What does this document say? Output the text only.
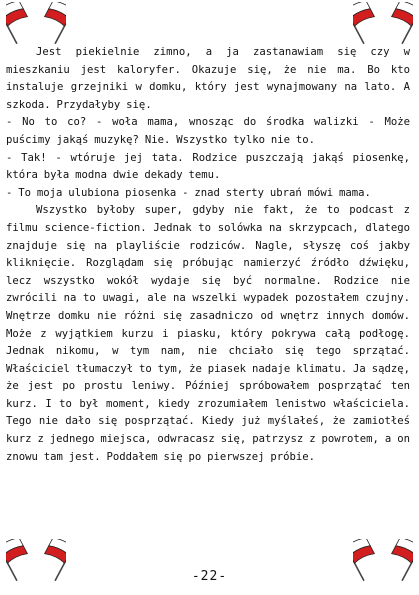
Jest piekielnie zimno, a ja zastanawiam się czy w mieszkaniu jest kaloryfer. Okazuje się, że nie ma. Bo kto instaluje grzejniki w domku, który jest wynajmowany na lato. A szkoda. Przydałyby się.

- No to co? - woła mama, wnosząc do środka walizki - Może puścimy jakąś muzykę? Nie. Wszystko tylko nie to.

- Tak! - wtóruje jej tata. Rodzice puszczają jakąś piosenkę, która była modna dwie dekady temu.

- To moja ulubiona piosenka - znad sterty ubrań mówi mama.

Wszystko byłoby super, gdyby nie fakt, że to podcast z filmu science-fiction. Jednak to solówka na skrzypcach, dlatego znajduje się na playliście rodziców. Nagle, słyszę coś jakby kliknięcie. Rozglądam się próbując namierzyć źródło dźwięku, lecz wszystko wokół wydaje się być normalne. Rodzice nie zwrócili na to uwagi, ale na wszelki wypadek pozostałem czujny. Wnętrze domku nie różni się zasadniczo od wnętrz innych domów. Może z wyjątkiem kurzu i piasku, który pokrywa całą podłogę. Jednak nikomu, w tym nam, nie chciało się tego sprzątać. Właściciel tłumaczył to tym, że piasek nadaje klimatu. Ja sądzę, że jest po prostu leniwy. Później spróbowałem posprzątać ten kurz. I to był moment, kiedy zrozumiałem lenistwo właściciela. Tego nie dało się posprzątać. Kiedy już myślałeś, że zamiotłeś kurz z jednego miejsca, odwracasz się, patrzysz z powrotem, a on znowu tam jest. Poddałem się po pierwszej próbie.

-22-
